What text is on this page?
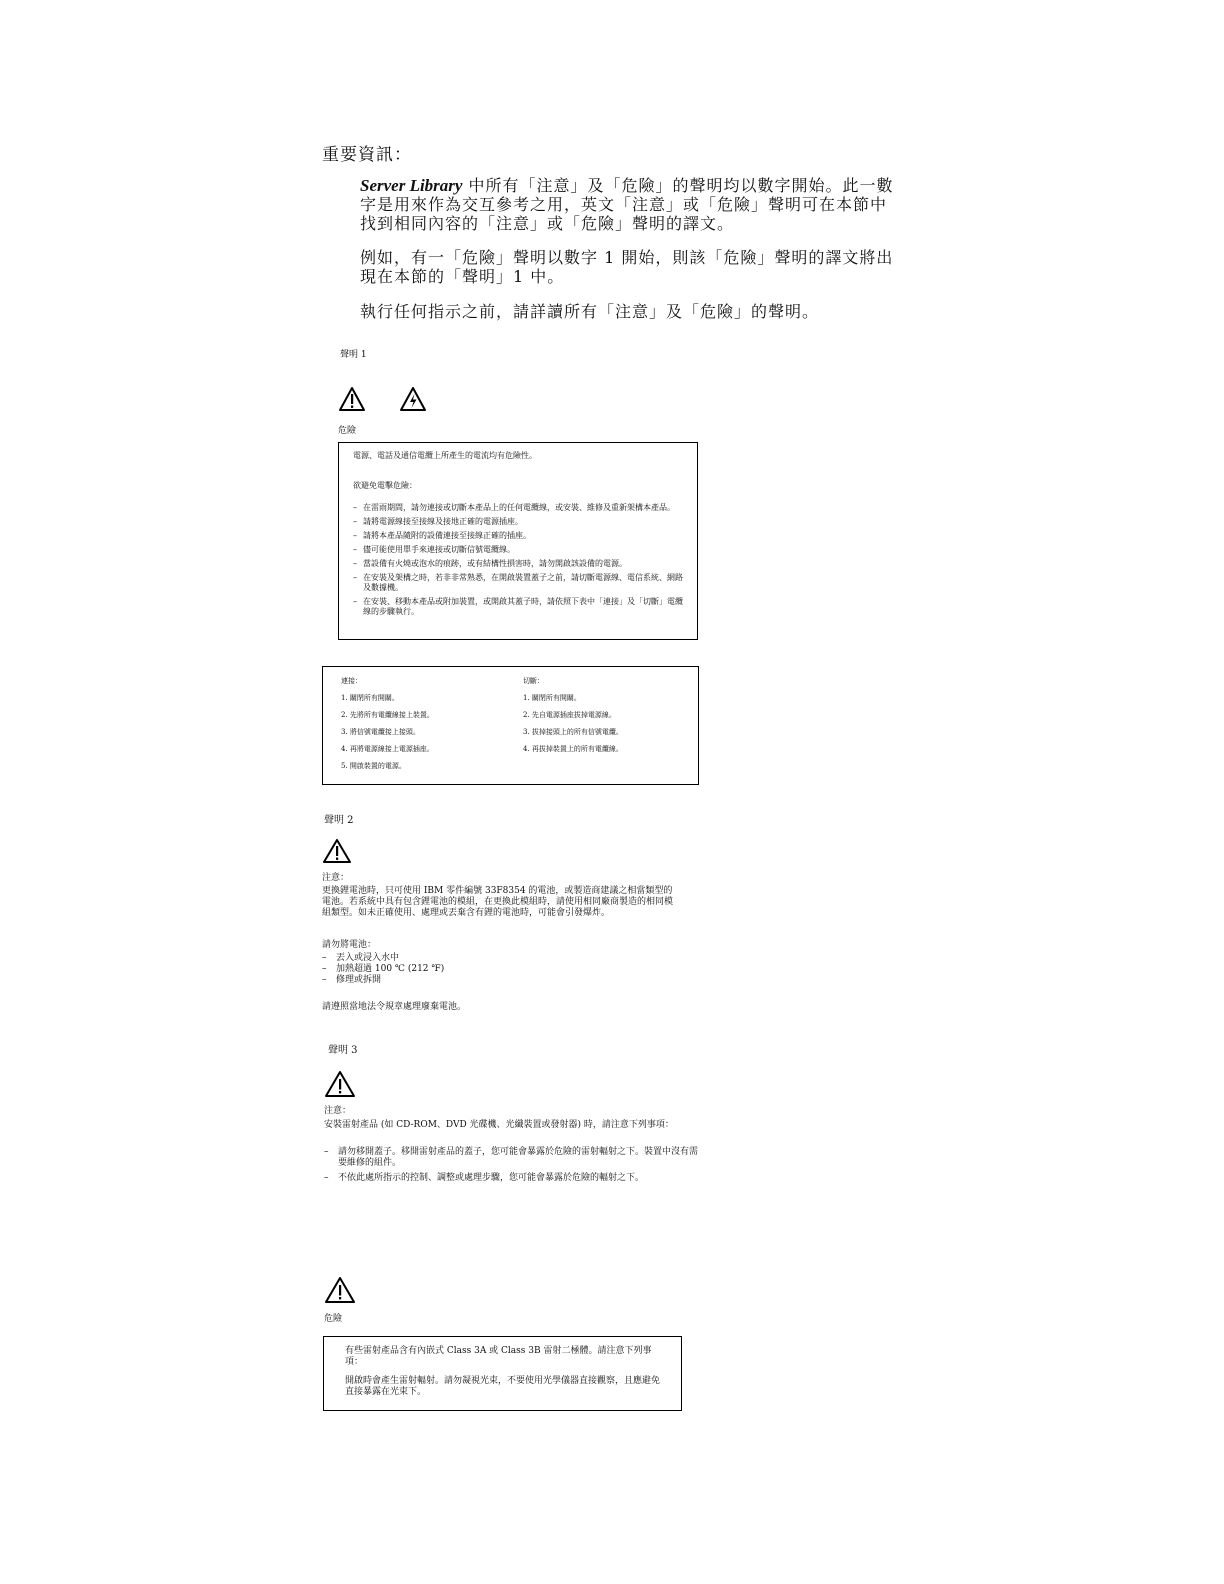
重要資訊：
Server Library 中所有「注意」及「危險」的聲明均以數字開始。此一數字是用來作為交互參考之用，英文「注意」或「危險」聲明可在本節中找到相同內容的「注意」或「危險」聲明的譯文。
例如，有一「危險」聲明以數字 1 開始，則該「危險」聲明的譯文將出現在本節的「聲明」1 中。
執行任何指示之前，請詳讀所有「注意」及「危險」的聲明。
聲明 1
危險
電源、電話及通信電纜上所產生的電流均有危險性。
欲避免電擊危險：
– 在雷雨期間，請勿連接或切斷本產品上的任何電纜線，或安裝、維修及重新架構本產品。
– 請將電源線接至接線及接地正確的電源插座。
– 請將本產品隨附的設備連接至接線正確的插座。
– 儘可能使用單手來連接或切斷信號電纜線。
– 當設備有火燒或泡水的痕跡，或有結構性損害時，請勿開啟該設備的電源。
– 在安裝及架構之時，若非非常熟悉，在開啟裝置蓋子之前，請切斷電源線、電信系統、網路及數據機。
– 在安裝、移動本產品或附加裝置，或開啟其蓋子時，請依照下表中「連接」及「切斷」電纜線的步驟執行。
連接：
1. 關閉所有開關。
2. 先將所有電纜線接上裝置。
3. 將信號電纜接上接頭。
4. 再將電源線接上電源插座。
5. 開啟裝置的電源。
切斷：
1. 關閉所有開關。
2. 先自電源插座拔掉電源線。
3. 拔掉接頭上的所有信號電纜。
4. 再拔掉裝置上的所有電纜線。
聲明 2
注意：
更換鋰電池時，只可使用 IBM 零件編號 33F8354 的電池，或製造商建議之相當類型的電池。若系統中具有包含鋰電池的模組，在更換此模組時，請使用相同廠商製造的相同模組類型。如未正確使用、處理或丟棄含有鋰的電池時，可能會引發爆炸。
請勿將電池：
– 丟入或浸入水中
– 加熱超過 100 ℃ (212 ℉)
– 修理或拆開
請遵照當地法令規章處理廢棄電池。
聲明 3
注意：
安裝雷射產品 (如 CD-ROM、DVD 光碟機、光纖裝置或發射器) 時，請注意下列事項：
– 請勿移開蓋子。移開雷射產品的蓋子，您可能會暴露於危險的雷射輻射之下。裝置中沒有需要維修的組件。
– 不依此處所指示的控制、調整或處理步驟，您可能會暴露於危險的輻射之下。
危險
有些雷射產品含有內嵌式 Class 3A 或 Class 3B 雷射二極體。請注意下列事項：
開啟時會產生雷射輻射。請勿凝視光束，不要使用光學儀器直接觀察，且應避免直接暴露在光束下。
